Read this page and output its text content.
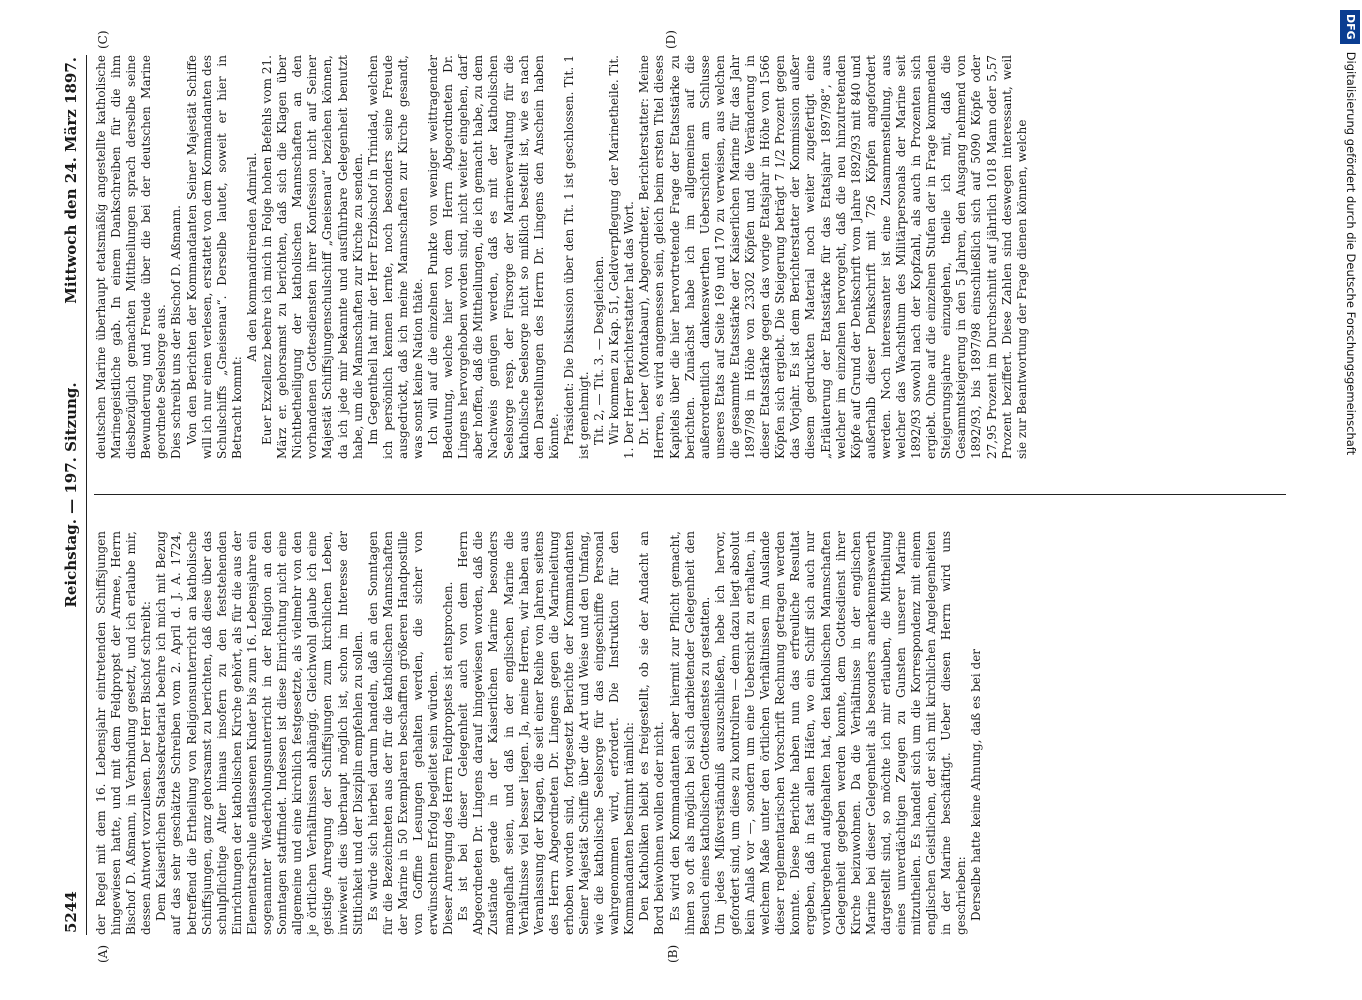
5244
Reichstag. — 197. Sitzung.
Mittwoch den 24. März 1897.
(A)	(B)
(C)	(D)

der Regel mit dem 16. Lebensjahr eintretenden Schiffsjungen hingewiesen hatte, und mit dem Feldpropst der Armee, Herrn Bischof D. Aßmann, in Verbindung gesetzt, und ich erlaube mir, dessen Antwort vorzulesen. Der Herr Bischof schreibt: Dem Kaiserlichen Staatssekretariat beehre ich mich mit Bezug auf das sehr geschätzte Schreiben vom 2. April d. J. A. 1724, betreffend die Ertheilung von Religionsunterricht an katholische Schiffsjungen, ganz gehorsamst zu berichten, daß diese über das schulpflichtige Alter hinaus insofern zu den feststehenden Einrichtungen der katholischen Kirche gehört, als für die aus der Elementarschule entlassenen Kinder bis zum 16. Lebensjahre ein sogenannter Wiederholungsunterricht in der Religion an den Sonntagen stattfindet. Indessen ist diese Einrichtung nicht eine allgemeine und eine kirchlich festgesetzte, als vielmehr von den je örtlichen Verhältnissen abhängig. Gleichwohl glaube ich eine geistige Anregung der Schiffsjungen zum kirchlichen Leben, inwieweit dies überhaupt möglich ist, schon im Interesse der Sittlichkeit und der Disziplin empfehlen zu sollen. Es würde sich hierbei darum handeln, daß an den Sonntagen für die Bezeichneten aus der für die katholischen Mannschaften der Marine in 50 Exemplaren beschafften größeren Handpostille von Goffine Lesungen gehalten werden, die sicher von erwünschtem Erfolg begleitet sein würden. Dieser Anregung des Herrn Feldpropstes ist entsprochen. Es ist bei dieser Gelegenheit auch von dem Herrn Abgeordneten Dr. Lingens darauf hingewiesen worden, daß die Zustände gerade in der Kaiserlichen Marine besonders mangelhaft seien, und daß in der englischen Marine die Verhältnisse viel besser liegen. Ja, meine Herren, wir haben aus Veranlassung der Klagen, die seit einer Reihe von Jahren seitens des Herrn Abgeordneten Dr. Lingens gegen die Marineleitung erhoben worden sind, fortgesetzt Berichte der Kommandanten Seiner Majestät Schiffe über die Art und Weise und den Umfang, wie die katholische Seelsorge für das eingeschiffte Personal wahrgenommen wird, erfordert. Die Instruktion für den Kommandanten bestimmt nämlich: Den Katholiken bleibt es freigestellt, ob sie der Andacht an Bord beiwohnen wollen oder nicht. Es wird den Kommandanten aber hiermit zur Pflicht gemacht, ihnen so oft als möglich bei sich darbietender Gelegenheit den Besuch eines katholischen Gottesdienstes zu gestatten. Um jedes Mißverständniß auszuschließen, hebe ich hervor, gefordert sind, um diese zu kontroliren — denn dazu liegt absolut kein Anlaß vor —, sondern um eine Uebersicht zu erhalten, in welchem Maße unter den örtlichen Verhältnissen im Auslande dieser reglementarischen Vorschrift Rechnung getragen werden konnte. Diese Berichte haben nun das erfreuliche Resultat ergeben, daß in fast allen Häfen, wo ein Schiff sich auch nur vorübergehend aufgehalten hat, den katholischen Mannschaften Gelegenheit gegeben werden konnte, dem Gottesdienst ihrer Kirche beizuwohnen. Da die Verhältnisse in der englischen Marine bei dieser Gelegenheit als besonders anerkennenswerth dargestellt sind, so möchte ich mir erlauben, die Mittheilung eines unverdächtigen Zeugen zu Gunsten unserer Marine mitzutheilen. Es handelt sich um die Korrespondenz mit einem englischen Geistlichen, der sich mit kirchlichen Angelegenheiten in der Marine beschäftigt. Ueber diesen Herrn wird uns geschrieben: Derselbe hatte keine Ahnung, daß es bei der

deutschen Marine überhaupt etatsmäßig angestellte katholische Marinegeistliche gab. In einem Dankschreiben für die ihm diesbezüglich gemachten Mittheilungen sprach derselbe seine Bewunderung und Freude über die bei der deutschen Marine geordnete Seelsorge aus. Dies schreibt uns der Bischof D. Aßmann. Von den Berichten der Kommandanten Seiner Majestät Schiffe will ich nur einen verlesen, erstattet von dem Kommandanten des Schulschiffs „Gneisenau“. Derselbe lautet, soweit er hier in Betracht kommt:

An den kommandirenden Admiral. Euer Exzellenz beehre ich mich in Folge hohen Befehls vom 21. März er. gehorsamst zu berichten, daß sich die Klagen über Nichtbetheiligung der katholischen Mannschaften an den vorhandenen Gottesdiensten ihrer Konfession nicht auf Seiner Majestät Schiffsjungenschulschiff „Gneisenau“ beziehen können, da ich jede mir bekannte und ausführbare Gelegenheit benutzt habe, um die Mannschaften zur Kirche zu senden. Im Gegentheil hat mir der Herr Erzbischof in Trinidad, welchen ich persönlich kennen lernte, noch besonders seine Freude ausgedrückt, daß ich meine Mannschaften zur Kirche gesandt, was sonst keine Nation thäte. Ich will auf die einzelnen Punkte von weniger weittragender Bedeutung, welche hier von dem Herrn Abgeordneten Dr. Lingens hervorgehoben worden sind, nicht weiter eingehen, darf aber hoffen, daß die Mittheilungen, die ich gemacht habe, zu dem Nachweis genügen werden, daß es mit der katholischen Seelsorge resp. der Fürsorge der Marineverwaltung für die katholische Seelsorge nicht so mißlich bestellt ist, wie es nach den Darstellungen des Herrn Dr. Lingens den Anschein haben könnte. Präsident: Die Diskussion über den Tit. 1 ist geschlossen. Tit. 1 ist genehmigt. Tit. 2, — Tit. 3. — Desgleichen. Wir kommen zu Kap. 51, Geldverpflegung der Marinetheile. Tit. 1. Der Herr Berichterstatter hat das Wort. Dr. Lieber (Montabaur), Abgeordneter, Berichterstatter: Meine Herren, es wird angemessen sein, gleich beim ersten Titel dieses Kapitels über die hier hervortretende Frage der Etatsstärke zu berichten. Zunächst habe ich im allgemeinen auf die außerordentlich dankenswerthen Uebersichten am Schlusse unseres Etats auf Seite 169 und 170 zu verweisen, aus welchen die gesammte Etatsstärke der Kaiserlichen Marine für das Jahr 1897/98 in Höhe von 23302 Köpfen und die Veränderung in dieser Etatsstärke gegen das vorige Etatsjahr in Höhe von 1566 Köpfen sich ergiebt. Die Steigerung beträgt 7 1/2 Prozent gegen das Vorjahr. Es ist dem Berichterstatter der Kommission außer diesem gedruckten Material noch weiter zugefertigt eine „Erläuterung der Etatsstärke für das Etatsjahr 1897/98“, aus welcher im einzelnen hervorgeht, daß die neu hinzutretenden Köpfe auf Grund der Denkschrift vom Jahre 1892/93 mit 840 und außerhalb dieser Denkschrift mit 726 Köpfen angefordert werden. Noch interessanter ist eine Zusammenstellung, aus welcher das Wachsthum des Militärpersonals der Marine seit 1892/93 sowohl nach der Kopfzahl, als auch in Prozenten sich ergiebt. Ohne auf die einzelnen Stufen der in Frage kommenden Steigerungsjahre einzugehen, theile ich mit, daß die Gesammtsteigerung in den 5 Jahren, den Ausgang nehmend von 1892/93, bis 1897/98 einschließlich sich auf 5090 Köpfe oder 27,95 Prozent im Durchschnitt auf jährlich 1018 Mann oder 5,57 Prozent beziffert. Diese Zahlen sind deswegen interessant, weil sie zur Beantwortung der Frage dienen können, welche

DFGDigitalisierung gefördert durch die Deutsche Forschungsgemeinschaft
